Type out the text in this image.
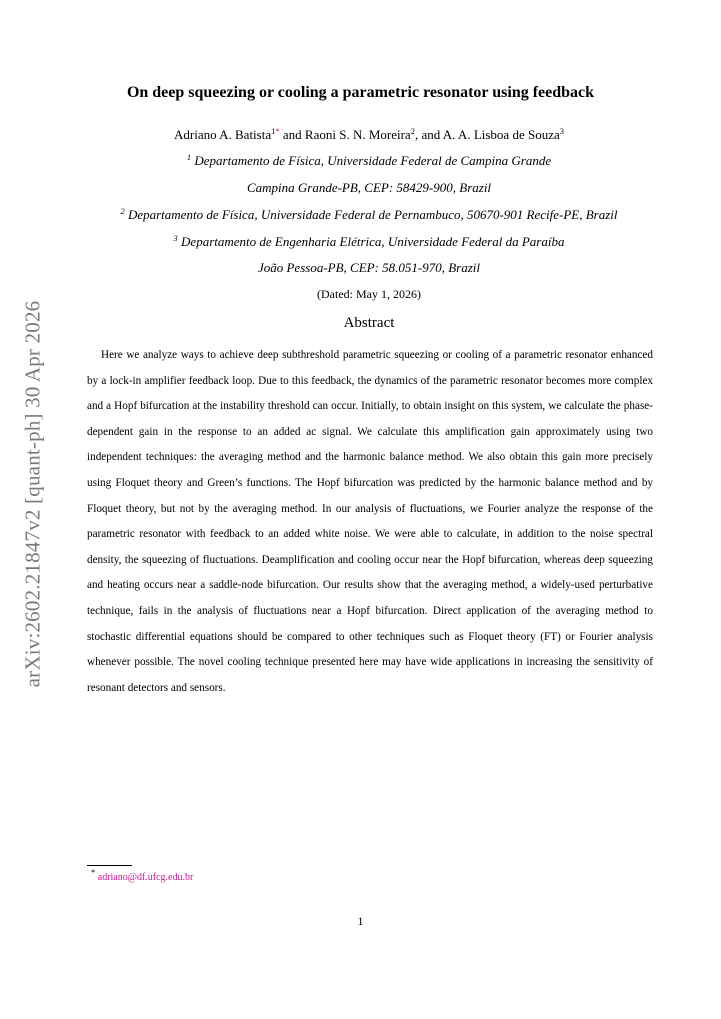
arXiv:2602.21847v2 [quant-ph] 30 Apr 2026
On deep squeezing or cooling a parametric resonator using feedback
Adriano A. Batista$^{1*}$ and Raoni S. N. Moreira$^2$, and A. A. Lisboa de Souza$^3$
$^1$ Departamento de Física, Universidade Federal de Campina Grande
Campina Grande-PB, CEP: 58429-900, Brazil
$^2$ Departamento de Física, Universidade Federal de Pernambuco, 50670-901 Recife-PE, Brazil
$^3$ Departamento de Engenharia Elétrica, Universidade Federal da Paraíba
João Pessoa-PB, CEP: 58.051-970, Brazil
(Dated: May 1, 2026)
Abstract

Here we analyze ways to achieve deep subthreshold parametric squeezing or cooling of a parametric resonator enhanced by a lock-in amplifier feedback loop. Due to this feedback, the dynamics of the parametric resonator becomes more complex and a Hopf bifurcation at the instability threshold can occur. Initially, to obtain insight on this system, we calculate the phase-dependent gain in the response to an added ac signal. We calculate this amplification gain approximately using two independent techniques: the averaging method and the harmonic balance method. We also obtain this gain more precisely using Floquet theory and Green’s functions. The Hopf bifurcation was predicted by the harmonic balance method and by Floquet theory, but not by the averaging method. In our analysis of fluctuations, we Fourier analyze the response of the parametric resonator with feedback to an added white noise. We were able to calculate, in addition to the noise spectral density, the squeezing of fluctuations. Deamplification and cooling occur near the Hopf bifurcation, whereas deep squeezing and heating occurs near a saddle-node bifurcation. Our results show that the averaging method, a widely-used perturbative technique, fails in the analysis of fluctuations near a Hopf bifurcation. Direct application of the averaging method to stochastic differential equations should be compared to other techniques such as Floquet theory (FT) or Fourier analysis whenever possible. The novel cooling technique presented here may have wide applications in increasing the sensitivity of resonant detectors and sensors.

* adriano@df.ufcg.edu.br
1
